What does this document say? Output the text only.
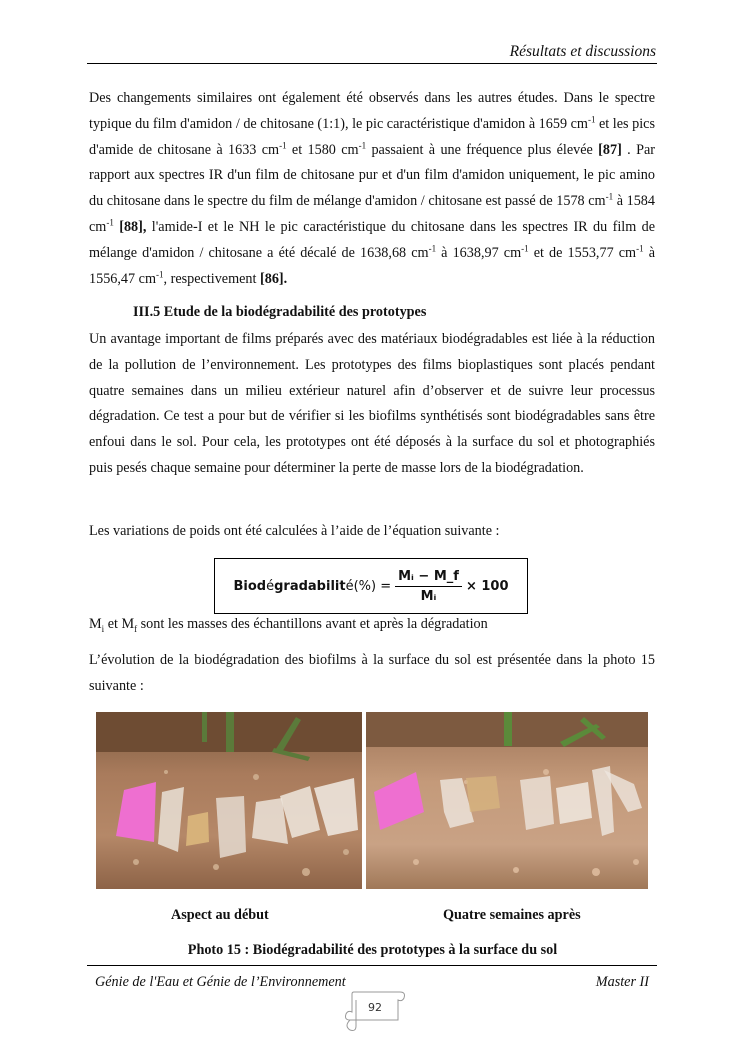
Résultats et discussions
Des changements similaires ont également été observés dans les autres études. Dans le spectre typique du film d'amidon / de chitosane (1:1), le pic caractéristique d'amidon à 1659 $cm^{-1}$ et les pics d'amide de chitosane à 1633 $cm^{-1}$ et 1580 $cm^{-1}$ passaient à une fréquence plus élevée [87] . Par rapport aux spectres IR d'un film de chitosane pur et d'un film d'amidon uniquement, le pic amino du chitosane dans le spectre du film de mélange d'amidon / chitosane est passé de 1578 $cm^{-1}$ à 1584 $cm^{-1}$ [88], l'amide-I et le NH le pic caractéristique du chitosane dans les spectres IR du film de mélange d'amidon / chitosane a été décalé de 1638,68 $cm^{-1}$ à 1638,97 $cm^{-1}$ et de 1553,77 $cm^{-1}$ à 1556,47 $cm^{-1}$, respectivement [86].
III.5 Etude de la biodégradabilité des prototypes
Un avantage important de films préparés avec des matériaux biodégradables est liée à la réduction de la pollution de l’environnement. Les prototypes des films bioplastiques sont placés pendant quatre semaines dans un milieu extérieur naturel afin d’observer et de suivre leur processus dégradation. Ce test a pour but de vérifier si les biofilms synthétisés sont biodégradables sans être enfoui dans le sol. Pour cela, les prototypes ont été déposés à la surface du sol et photographiés puis pesés chaque semaine pour déterminer la perte de masse lors de la biodégradation.
Les variations de poids ont été calculées à l’aide de l’équation suivante :
Biodégradabilité(%) = $\frac{\text{Mᵢ − M\_f}}{\text{Mᵢ}} \times 100$
$M_i$ et $M_f$ sont les masses des échantillons avant et après la dégradation
L’évolution de la biodégradation des biofilms à la surface du sol est présentée dans la photo 15 suivante :
Aspect au début	Quatre semaines après
Photo 15 : Biodégradabilité des prototypes à la surface du sol
Génie de l'Eau et Génie de l’Environnement	Master II
92
